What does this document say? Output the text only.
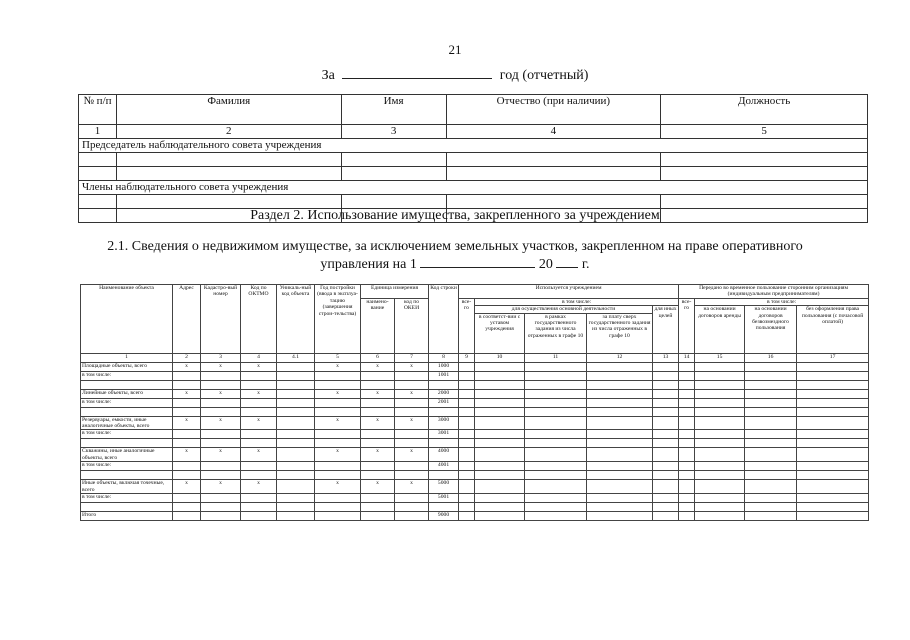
21
За	год (отчетный)
№ п/п	Фамилия	Имя	Отчество (при наличии)	Должность
1	2	3	4	5
Председатель наблюдательного совета учреждения				

Члены наблюдательного совета учреждения				

Раздел 2. Использование имущества, закрепленного за учреждением
2.1. Сведения о недвижимом имуществе, за исключением земельных участков, закрепленном на праве оперативного
управления на 1	20 г.
Наименование объекта	Адрес	Кадастро-вый номер	Код по ОКТМО	Уникаль-ный код объекта	Год постройки (ввода в эксплуа-тацию (завершения строи-тельства)	Единица измерения		Код строки	Используется учреждением					Передано во временное пользование сторонним организациям (индивидуальным предпринимателям)			
						наимено-вание	код по ОКЕИ		все-го	в том числе:				все-го	в том числе:		
										для осуществления основной деятельности			для иных целей		на основании договоров аренды	на основании договоров безвозмездного пользования	без оформления права пользования (с почасовой оплатой)
										в соответст-вии с уставом учреждения	в рамках государственного задания из числа отраженных в графе 10	за плату сверх государственного задания из числа отраженных в графе 10					
1	2	3	4	4.1	5	6	7	8	9	10	11	12	13	14	15	16	17
Площадные объекты, всего	x	x	x		x	x	x	1000									
в том числе:								1001									

Линейные объекты, всего	x	x	x		x	x	x	2000									
в том числе:								2001									

Резервуары, емкости, иные аналогичные объекты, всего	x	x	x		x	x	x	3000									
в том числе:								3001									

Скважины, иные аналогичные объекты, всего	x	x	x		x	x	x	4000									
в том числе:								4001									

Иные объекты, включая точечные, всего	x	x	x		x	x	x	5000									
в том числе:								5001									

Итого								9000									
